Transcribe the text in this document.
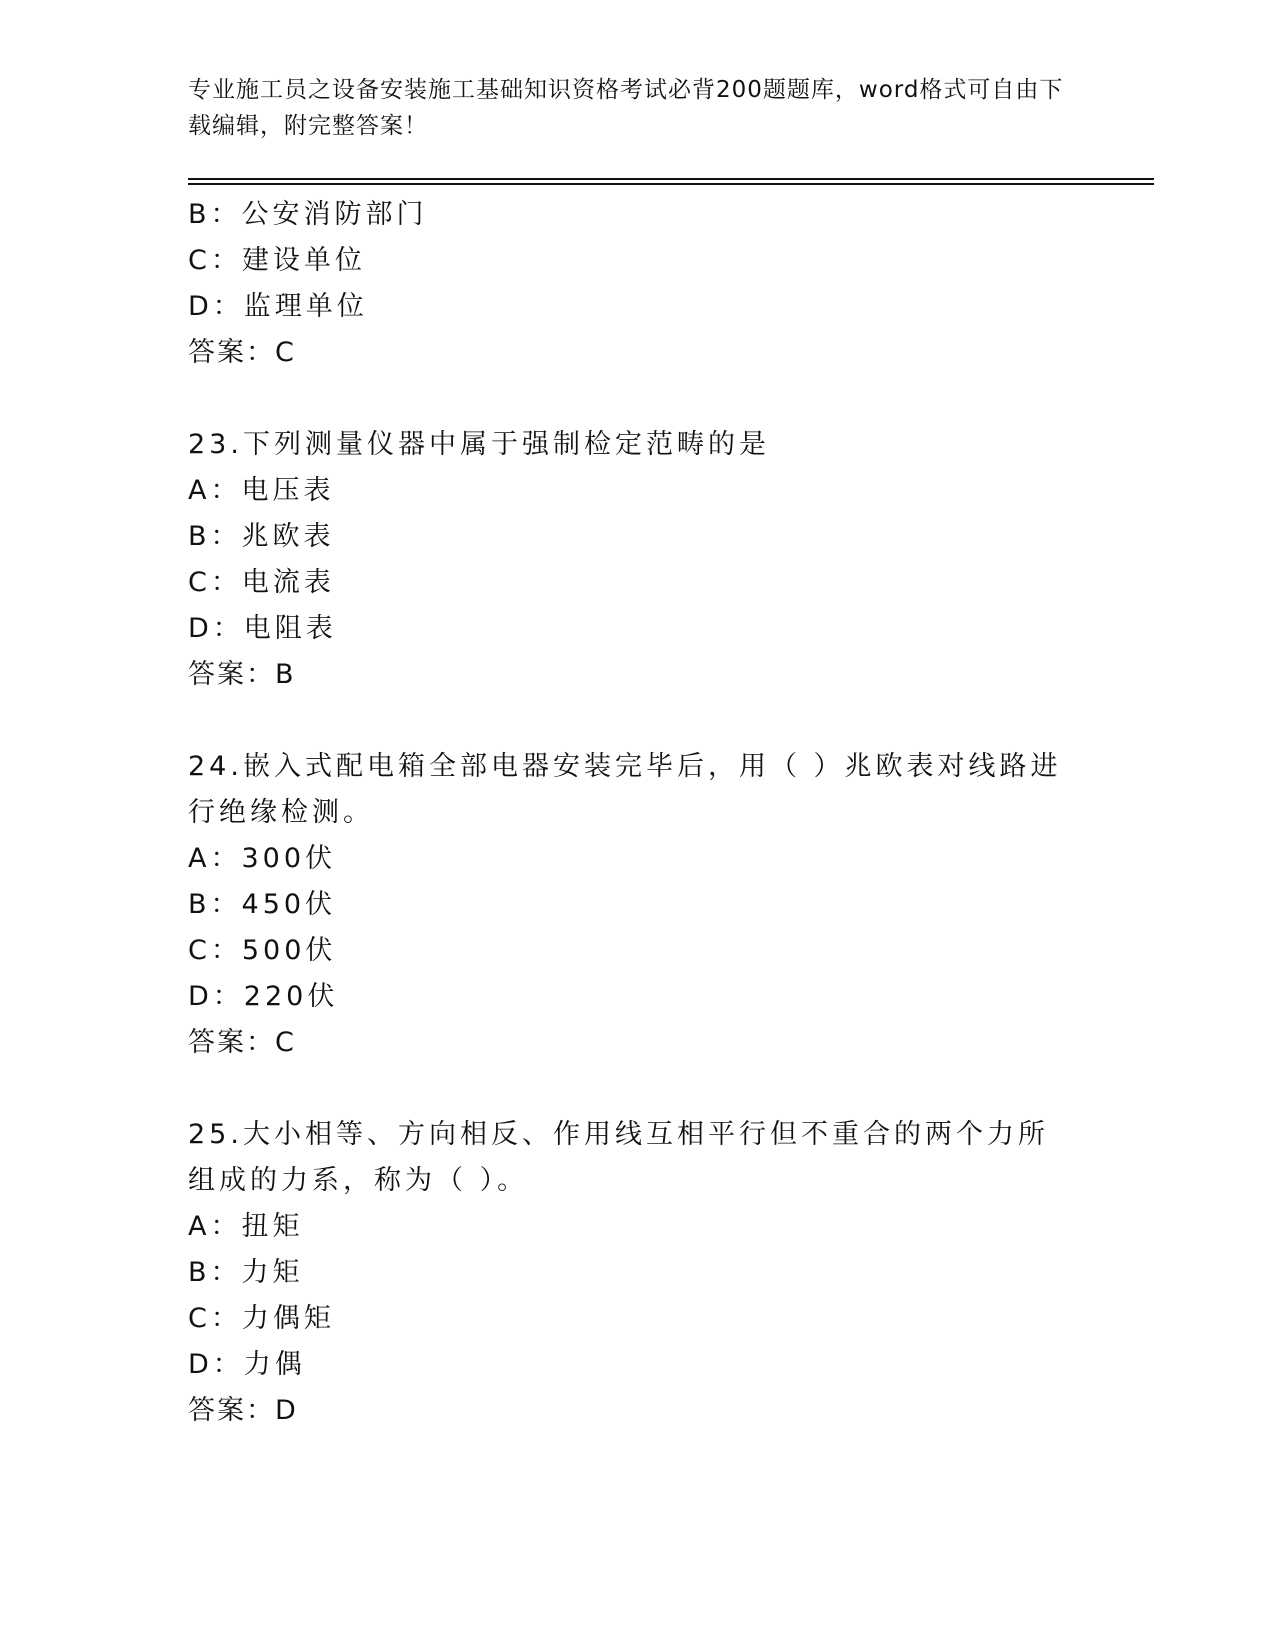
专业施工员之设备安装施工基础知识资格考试必背200题题库，word格式可自由下载编辑，附完整答案！
B：公安消防部门
C：建设单位
D：监理单位
答案：C
23.下列测量仪器中属于强制检定范畴的是
A：电压表
B：兆欧表
C：电流表
D：电阻表
答案：B
24.嵌入式配电箱全部电器安装完毕后，用（ ）兆欧表对线路进行绝缘检测。
A：300伏
B：450伏
C：500伏
D：220伏
答案：C
25.大小相等、方向相反、作用线互相平行但不重合的两个力所组成的力系，称为（ ）。
A：扭矩
B：力矩
C：力偶矩
D：力偶
答案：D
